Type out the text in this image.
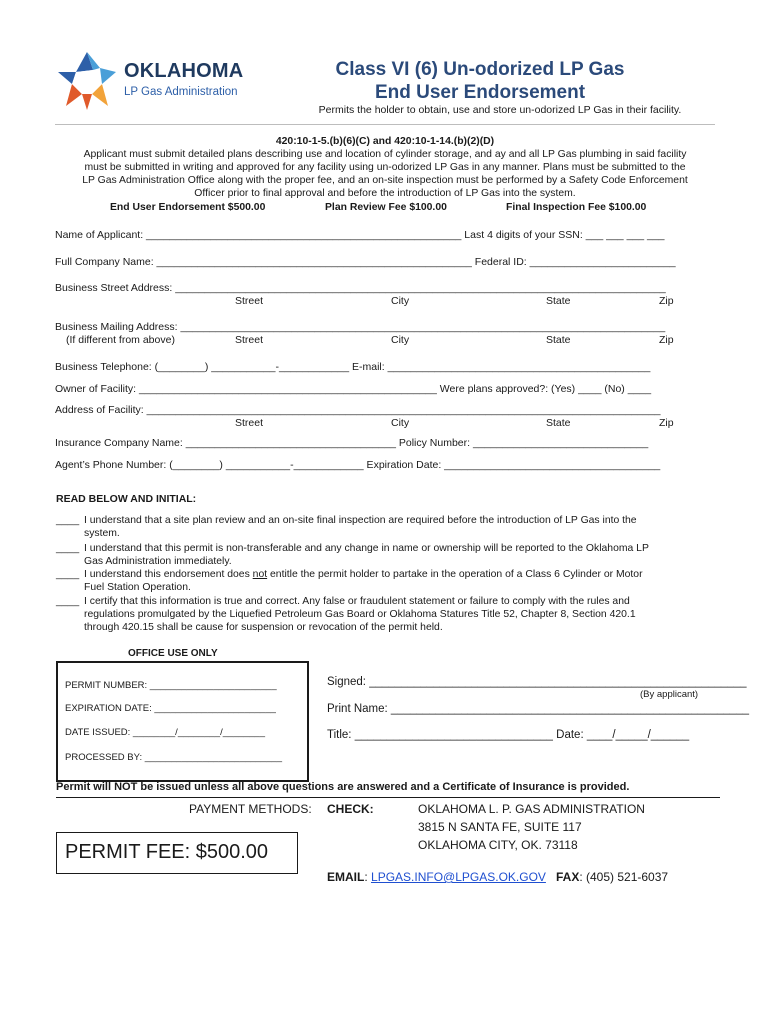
OKLAHOMA
LP Gas Administration
Class VI (6) Un-odorized LP Gas
End User Endorsement
Permits the holder to obtain, use and store un-odorized LP Gas in their facility.
420:10-1-5.(b)(6)(C) and 420:10-1-14.(b)(2)(D)
Applicant must submit detailed plans describing use and location of cylinder storage, and ay and all LP Gas plumbing in said facility
must be submitted in writing and approved for any facility using un-odorized LP Gas in any manner. Plans must be submitted to the
LP Gas Administration Office along with the proper fee, and an on-site inspection must be performed by a Safety Code Enforcement
Officer prior to final approval and before the introduction of LP Gas into the system.
End User Endorsement $500.00	Plan Review Fee $100.00	Final Inspection Fee $100.00
Name of Applicant: ______________________________________________________ Last 4 digits of your SSN: ___ ___ ___ ___
Full Company Name: ______________________________________________________ Federal ID: _________________________
Business Street Address: ____________________________________________________________________________________
Street	City	State	Zip
Business Mailing Address: ___________________________________________________________________________________
(If different from above)	Street	City	State	Zip
Business Telephone: (________) ___________-____________ E-mail: _____________________________________________
Owner of Facility: ___________________________________________________ Were plans approved?: (Yes) ____ (No) ____
Address of Facility: ________________________________________________________________________________________
Street	City	State	Zip
Insurance Company Name: ____________________________________ Policy Number: ______________________________
Agent’s Phone Number: (________) ___________-____________ Expiration Date: _____________________________________
READ BELOW AND INITIAL:
____ I understand that a site plan review and an on-site final inspection are required before the introduction of LP Gas into the
system.
____ I understand that this permit is non-transferable and any change in name or ownership will be reported to the Oklahoma LP
Gas Administration immediately.
____ I understand this endorsement does not entitle the permit holder to partake in the operation of a Class 6 Cylinder or Motor
Fuel Station Operation.
____ I certify that this information is true and correct. Any false or fraudulent statement or failure to comply with the rules and
regulations promulgated by the Liquefied Petroleum Gas Board or Oklahoma Statures Title 52, Chapter 8, Section 420.1
through 420.15 shall be cause for suspension or revocation of the permit held.
OFFICE USE ONLY
PERMIT NUMBER: ________________________
EXPIRATION DATE: _______________________
DATE ISSUED: ________/________/________
PROCESSED BY: __________________________
Signed: ___________________________________________________________
(By applicant)
Print Name: ________________________________________________________
Title: _______________________________ Date: ____/_____/______
Permit will NOT be issued unless all above questions are answered and a Certificate of Insurance is provided.
PAYMENT METHODS: CHECK:	OKLAHOMA L. P. GAS ADMINISTRATION
3815 N SANTA FE, SUITE 117
OKLAHOMA CITY, OK. 73118
PERMIT FEE: $500.00
EMAIL: LPGAS.INFO@LPGAS.OK.GOV FAX: (405) 521-6037
